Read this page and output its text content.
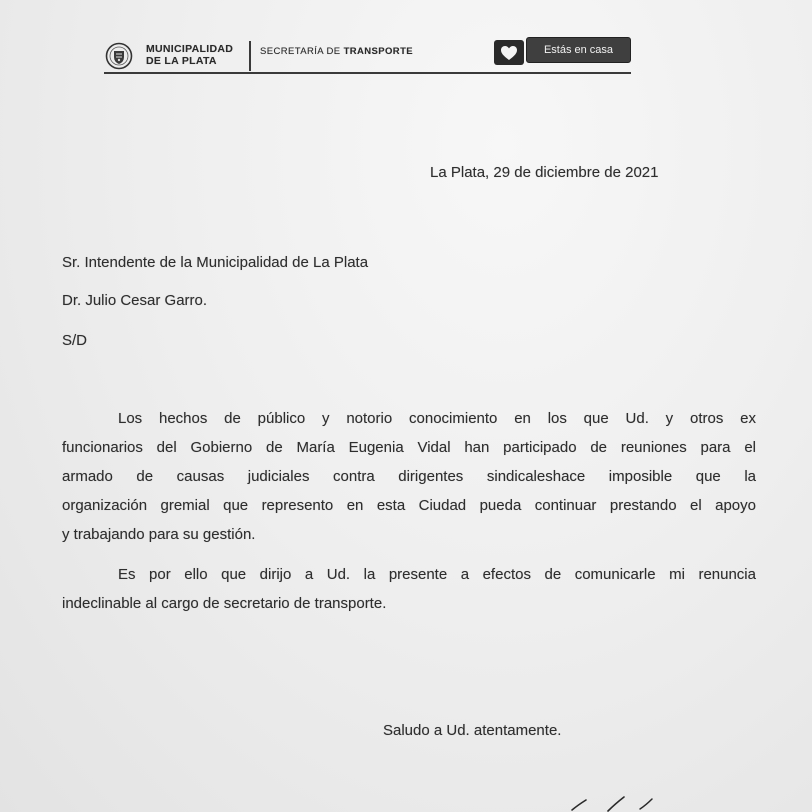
MUNICIPALIDAD
DE LA PLATA
SECRETARÍA DE TRANSPORTE	Estás en casa
La Plata, 29 de diciembre de 2021
Sr. Intendente de la Municipalidad de La Plata
Dr. Julio Cesar Garro.
S/D
Los hechos de público y notorio conocimiento en los que Ud. y otros ex
funcionarios del Gobierno de María Eugenia Vidal han participado de reuniones para el
armado de causas judiciales contra dirigentes sindicaleshace imposible que la
organización gremial que represento en esta Ciudad pueda continuar prestando el apoyo
y trabajando para su gestión.
Es por ello que dirijo a Ud. la presente a efectos de comunicarle mi renuncia
indeclinable al cargo de secretario de transporte.
Saludo a Ud. atentamente.
